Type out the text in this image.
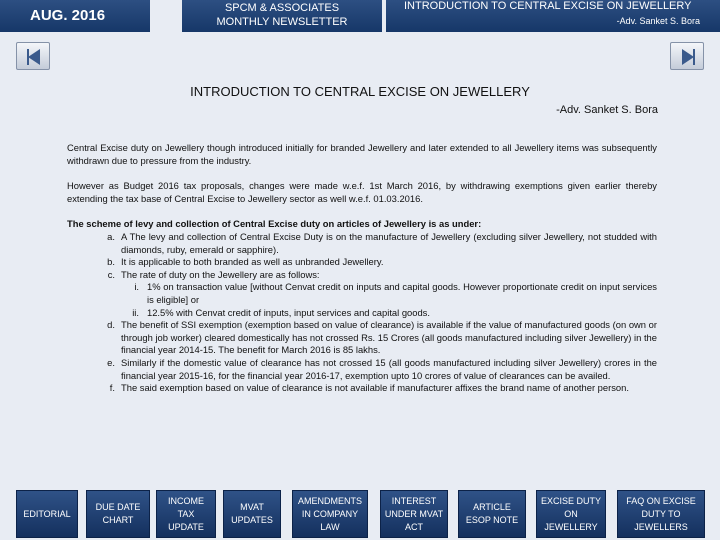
AUG. 2016	SPCM & ASSOCIATES
MONTHLY NEWSLETTER
INTRODUCTION TO CENTRAL EXCISE ON JEWELLERY
-Adv. Sanket S. Bora
INTRODUCTION TO CENTRAL EXCISE ON JEWELLERY
-Adv. Sanket S. Bora

Central Excise duty on Jewellery though introduced initially for branded Jewellery and later extended to all Jewellery items was subsequently withdrawn due to pressure from the industry.

However as Budget 2016 tax proposals, changes were made w.e.f. 1st March 2016, by withdrawing exemptions given earlier thereby extending the tax base of Central Excise to Jewellery sector as well w.e.f. 01.03.2016.

The scheme of levy and collection of Central Excise duty on articles of Jewellery is as under:
a. A The levy and collection of Central Excise Duty is on the manufacture of Jewellery (excluding silver Jewellery, not studded with diamonds, ruby, emerald or sapphire).
b. It is applicable to both branded as well as unbranded Jewellery.
c. The rate of duty on the Jewellery are as follows:
i. 1% on transaction value [without Cenvat credit on inputs and capital goods. However proportionate credit on input services is eligible] or
ii. 12.5% with Cenvat credit of inputs, input services and capital goods.
d. The benefit of SSI exemption (exemption based on value of clearance) is available if the value of manufactured goods (on own or through job worker) cleared domestically has not crossed Rs. 15 Crores (all goods manufactured including silver Jewellery) in the financial year 2014-15. The benefit for March 2016 is 85 lakhs.
e. Similarly if the domestic value of clearance has not crossed 15 (all goods manufactured including silver Jewellery) crores in the financial year 2015-16, for the financial year 2016-17, exemption upto 10 crores of value of clearances can be availed.
f. The said exemption based on value of clearance is not available if manufacturer affixes the brand name of another person.
EDITORIAL
DUE DATE CHART
INCOME TAX UPDATE
MVAT UPDATES
AMENDMENTS IN COMPANY LAW
INTEREST UNDER MVAT ACT
ARTICLE ESOP NOTE
EXCISE DUTY ON JEWELLERY
FAQ ON EXCISE DUTY TO JEWELLERS
